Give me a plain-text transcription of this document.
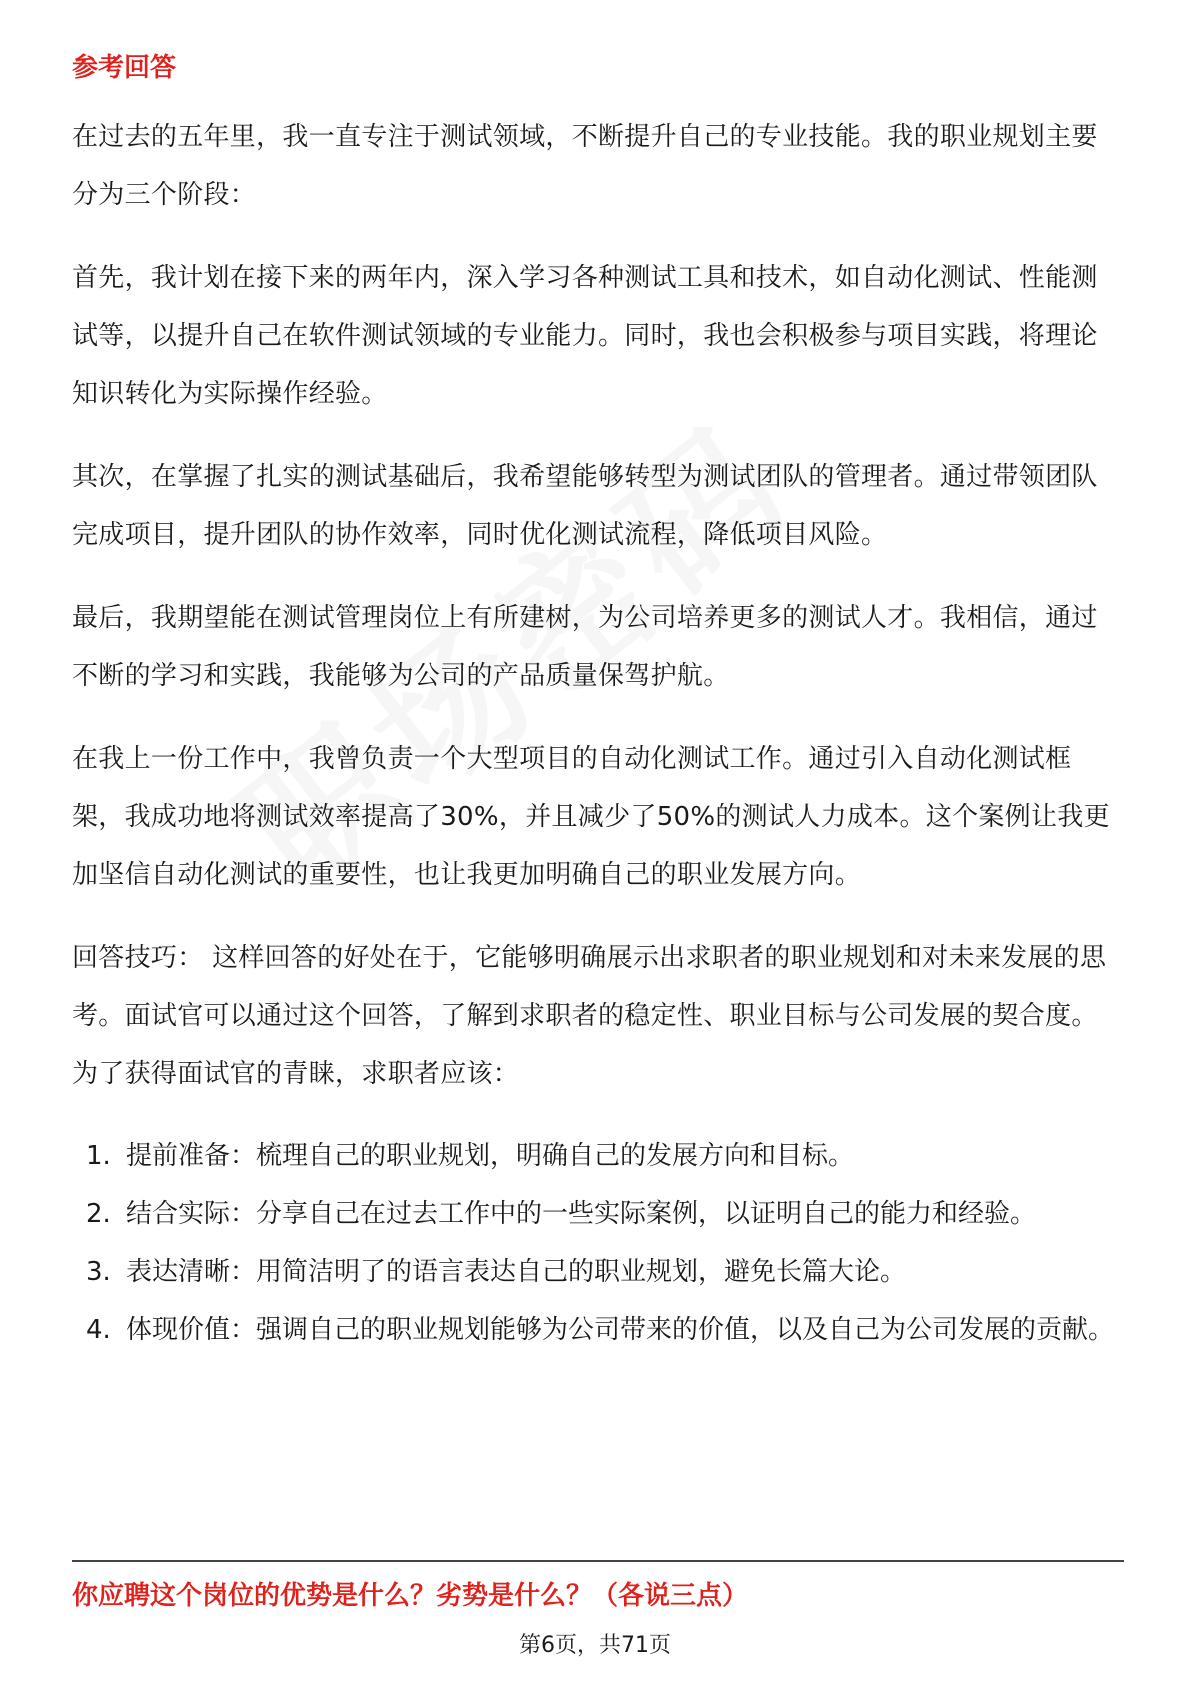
参考回答

在过去的五年里，我一直专注于测试领域，不断提升自己的专业技能。我的职业规划主要分为三个阶段：

首先，我计划在接下来的两年内，深入学习各种测试工具和技术，如自动化测试、性能测试等，以提升自己在软件测试领域的专业能力。同时，我也会积极参与项目实践，将理论知识转化为实际操作经验。

其次，在掌握了扎实的测试基础后，我希望能够转型为测试团队的管理者。通过带领团队完成项目，提升团队的协作效率，同时优化测试流程，降低项目风险。

最后，我期望能在测试管理岗位上有所建树，为公司培养更多的测试人才。我相信，通过不断的学习和实践，我能够为公司的产品质量保驾护航。

在我上一份工作中，我曾负责一个大型项目的自动化测试工作。通过引入自动化测试框架，我成功地将测试效率提高了30%，并且减少了50%的测试人力成本。这个案例让我更加坚信自动化测试的重要性，也让我更加明确自己的职业发展方向。

回答技巧： 这样回答的好处在于，它能够明确展示出求职者的职业规划和对未来发展的思考。面试官可以通过这个回答，了解到求职者的稳定性、职业目标与公司发展的契合度。为了获得面试官的青睐，求职者应该：

1. 提前准备：梳理自己的职业规划，明确自己的发展方向和目标。
2. 结合实际：分享自己在过去工作中的一些实际案例，以证明自己的能力和经验。
3. 表达清晰：用简洁明了的语言表达自己的职业规划，避免长篇大论。
4. 体现价值：强调自己的职业规划能够为公司带来的价值，以及自己为公司发展的贡献。
你应聘这个岗位的优势是什么？劣势是什么？（各说三点）
第6页，共71页
